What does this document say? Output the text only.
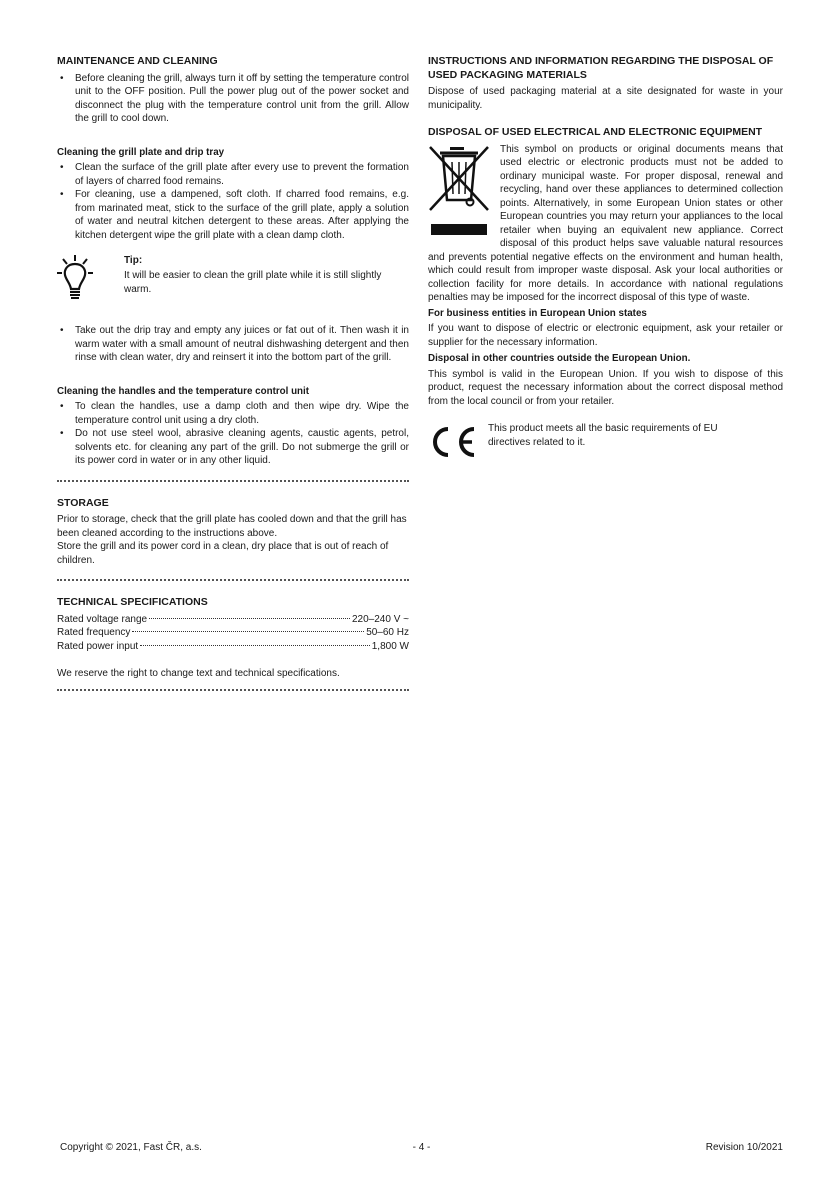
MAINTENANCE AND CLEANING
• Before cleaning the grill, always turn it off by setting the temperature control unit to the OFF position. Pull the power plug out of the power socket and disconnect the plug with the temperature control unit from the grill. Allow the grill to cool down.
Cleaning the grill plate and drip tray
• Clean the surface of the grill plate after every use to prevent the formation of layers of charred food remains.
• For cleaning, use a dampened, soft cloth. If charred food remains, e.g. from marinated meat, stick to the surface of the grill plate, apply a solution of water and neutral kitchen detergent to these areas. After applying the kitchen detergent wipe the grill plate with a clean damp cloth.
Tip:
It will be easier to clean the grill plate while it is still slightly warm.
• Take out the drip tray and empty any juices or fat out of it. Then wash it in warm water with a small amount of neutral dishwashing detergent and then rinse with clean water, dry and reinsert it into the bottom part of the grill.
Cleaning the handles and the temperature control unit
• To clean the handles, use a damp cloth and then wipe dry. Wipe the temperature control unit using a dry cloth.
• Do not use steel wool, abrasive cleaning agents, caustic agents, petrol, solvents etc. for cleaning any part of the grill. Do not submerge the grill or its power cord in water or in any other liquid.
STORAGE

Prior to storage, check that the grill plate has cooled down and that the grill has been cleaned according to the instructions above.

Store the grill and its power cord in a clean, dry place that is out of reach of children.

TECHNICAL SPECIFICATIONS
Rated voltage range	220–240 V ~
Rated frequency	50–60 Hz
Rated power input	1,800 W

We reserve the right to change text and technical specifications.

INSTRUCTIONS AND INFORMATION REGARDING THE DISPOSAL OF USED PACKAGING MATERIALS

Dispose of used packaging material at a site designated for waste in your municipality.

DISPOSAL OF USED ELECTRICAL AND ELECTRONIC EQUIPMENT

This symbol on products or original documents means that used electric or electronic products must not be added to ordinary municipal waste. For proper disposal, renewal and recycling, hand over these appliances to determined collection points. Alternatively, in some European Union states or other European countries you may return your appliances to the local retailer when buying an equivalent new appliance. Correct disposal of this product helps save valuable natural resources and prevents potential negative effects on the environment and human health, which could result from improper waste disposal. Ask your local authorities or collection facility for more details. In accordance with national regulations penalties may be imposed for the incorrect disposal of this type of waste.

For business entities in European Union states

If you want to dispose of electric or electronic equipment, ask your retailer or supplier for the necessary information.

Disposal in other countries outside the European Union.

This symbol is valid in the European Union. If you wish to dispose of this product, request the necessary information about the correct disposal method from the local council or from your retailer.

This product meets all the basic requirements of EU directives related to it.
Copyright © 2021, Fast ČR, a.s.	- 4 -	Revision 10/2021
